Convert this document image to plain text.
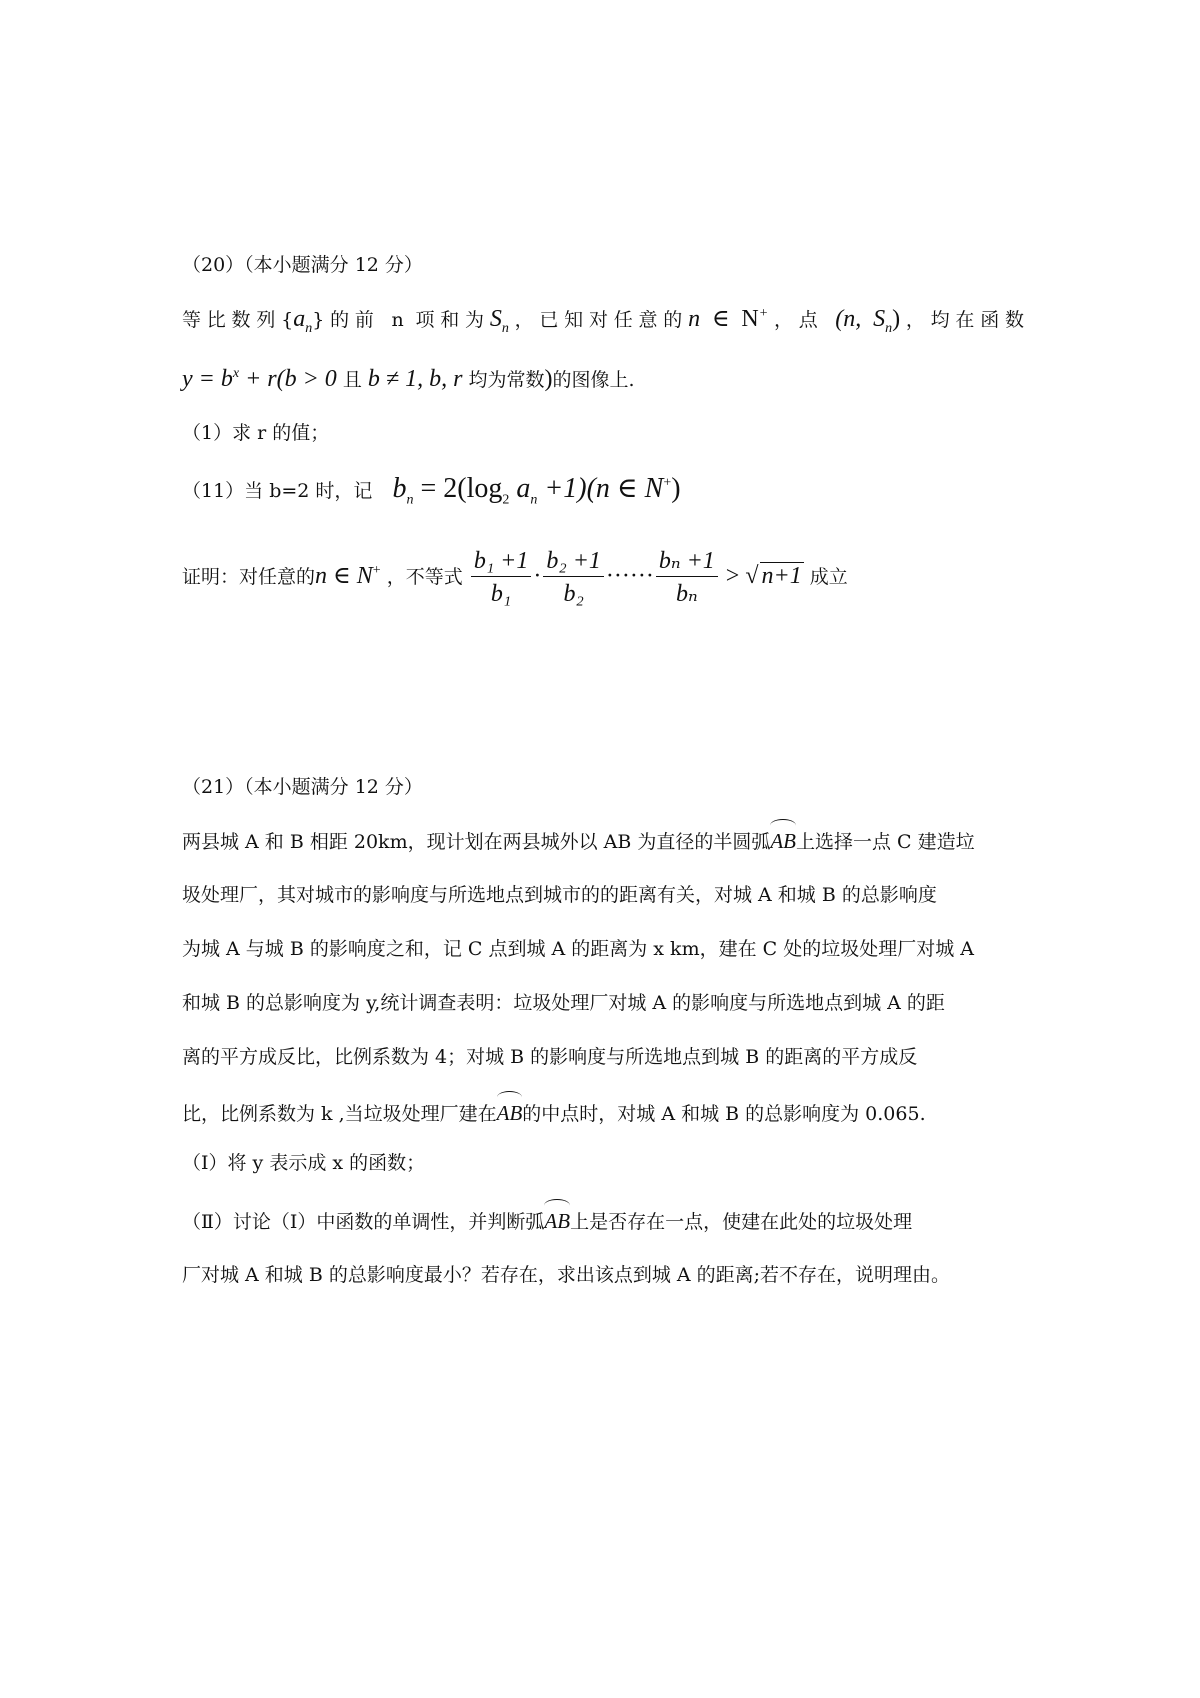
（20）（本小题满分 12 分）
等比数列$\{a_n\}$的前 n 项和为$S_n$，已知对任意的n ∈ N+，点 (n, $S_n$)，均在函数
$y = b^x + r(b > 0$ 且 b ≠ 1, b, r 均为常数)的图像上.
（1）求 r 的值；
（11）当 b=2 时，记 $b_n = 2(\log_2$ $a_n +1)(n$ ∈ N+)
证明：对任意的n ∈ N+ ，不等式 $\frac{\text{b₁ +1}}{\text{b₁}} \cdot \frac{\text{b₂ +1}}{\text{b₂}}$ ······ $\frac{\text{bₙ +1}}{\text{bₙ}}$ > √ n+1 成立
（21）（本小题满分 12 分）
两县城 A 和 B 相距 20km，现计划在两县城外以 AB 为直径的半圆弧AB上选择一点 C 建造垃
圾处理厂，其对城市的影响度与所选地点到城市的的距离有关，对城 A 和城 B 的总影响度
为城 A 与城 B 的影响度之和，记 C 点到城 A 的距离为 x km，建在 C 处的垃圾处理厂对城 A
和城 B 的总影响度为 y,统计调查表明：垃圾处理厂对城 A 的影响度与所选地点到城 A 的距
离的平方成反比，比例系数为 4；对城 B 的影响度与所选地点到城 B 的距离的平方成反
比，比例系数为 k ,当垃圾处理厂建在AB的中点时，对城 A 和城 B 的总影响度为 0.065.
（I）将 y 表示成 x 的函数；
（Ⅱ）讨论（I）中函数的单调性，并判断弧AB上是否存在一点，使建在此处的垃圾处理
厂对城 A 和城 B 的总影响度最小？若存在，求出该点到城 A 的距离;若不存在，说明理由。
